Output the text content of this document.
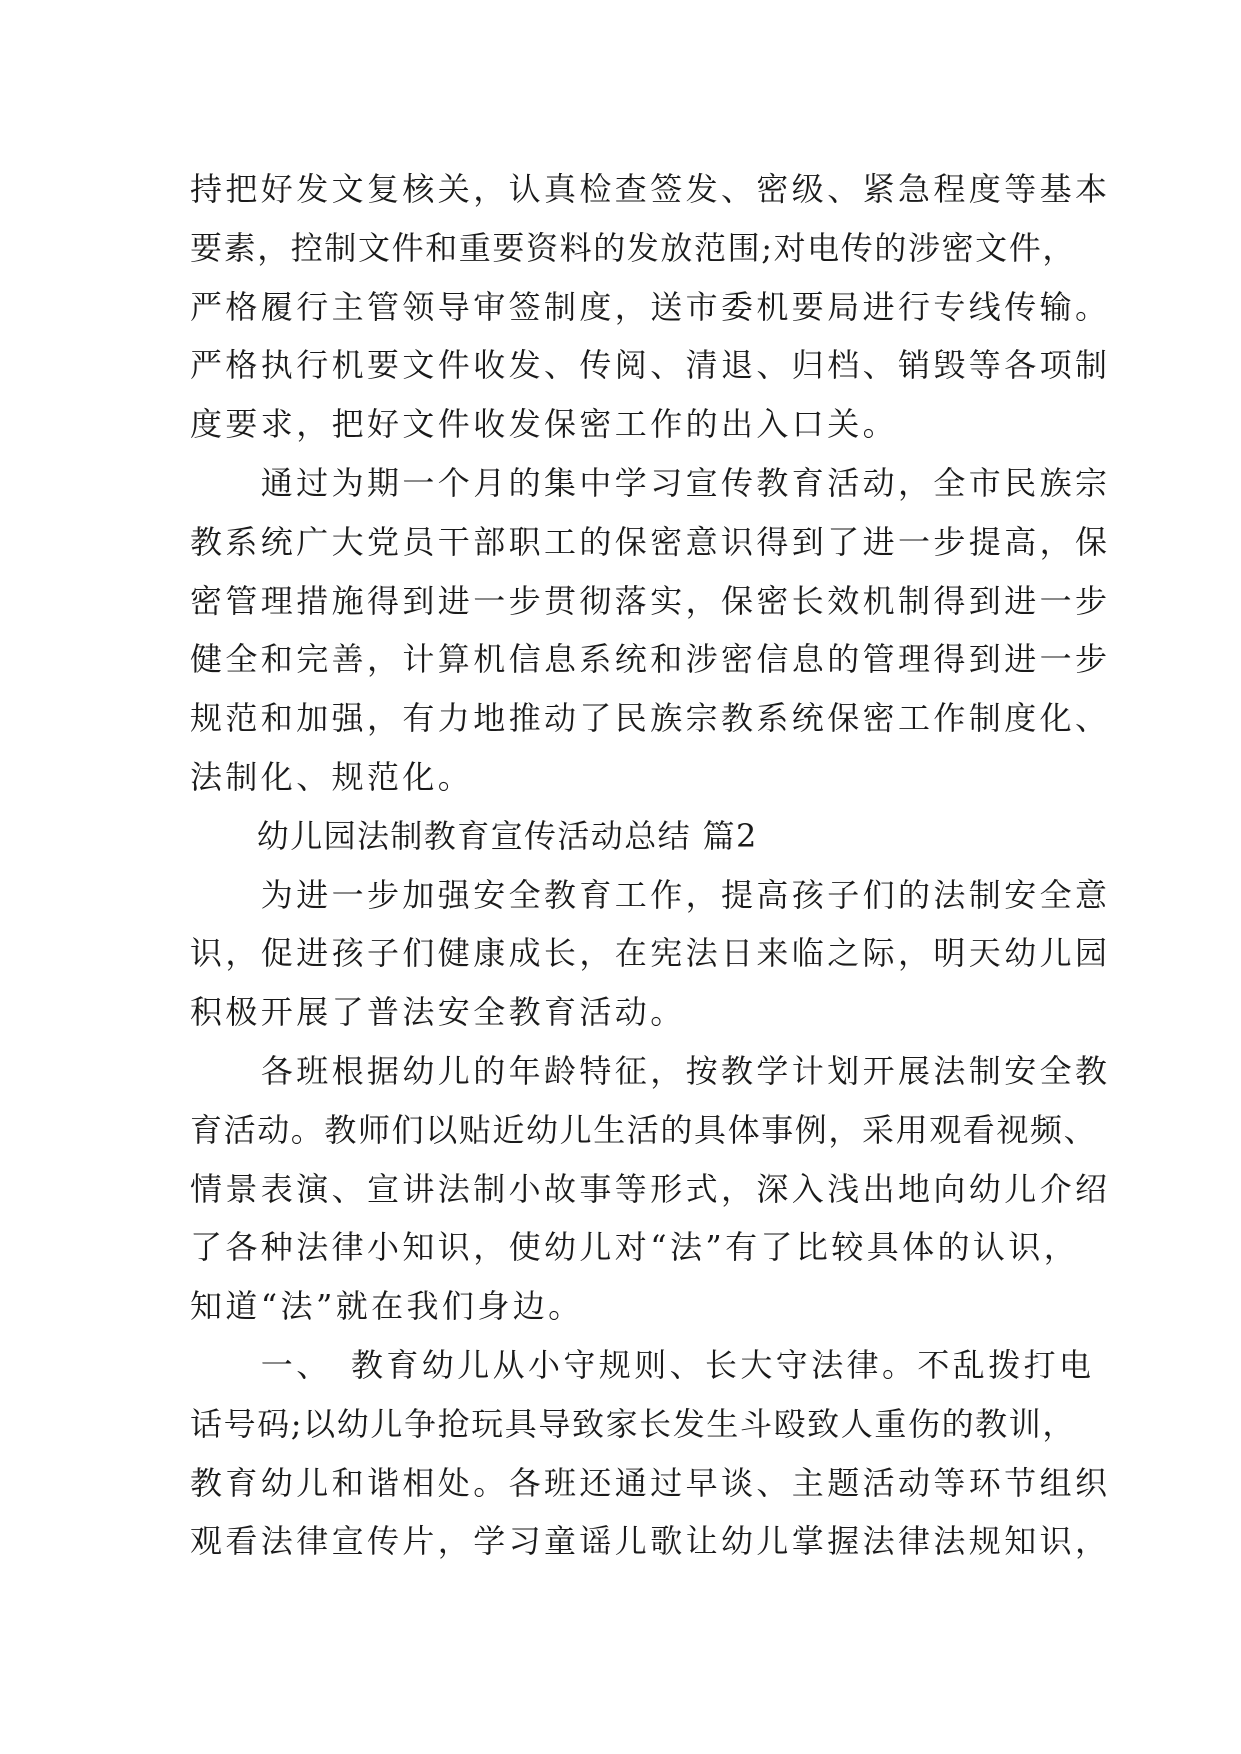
持把好发文复核关，认真检查签发、密级、紧急程度等基本
要素，控制文件和重要资料的发放范围;对电传的涉密文件，
严格履行主管领导审签制度，送市委机要局进行专线传输。
严格执行机要文件收发、传阅、清退、归档、销毁等各项制
度要求，把好文件收发保密工作的出入口关。
　　通过为期一个月的集中学习宣传教育活动，全市民族宗
教系统广大党员干部职工的保密意识得到了进一步提高，保
密管理措施得到进一步贯彻落实，保密长效机制得到进一步
健全和完善，计算机信息系统和涉密信息的管理得到进一步
规范和加强，有力地推动了民族宗教系统保密工作制度化、
法制化、规范化。
　　幼儿园法制教育宣传活动总结 篇2
　　为进一步加强安全教育工作，提高孩子们的法制安全意
识，促进孩子们健康成长，在宪法日来临之际，明天幼儿园
积极开展了普法安全教育活动。
　　各班根据幼儿的年龄特征，按教学计划开展法制安全教
育活动。教师们以贴近幼儿生活的具体事例，采用观看视频、
情景表演、宣讲法制小故事等形式，深入浅出地向幼儿介绍
了各种法律小知识，使幼儿对“法”有了比较具体的认识，
知道“法”就在我们身边。
　　一、　教育幼儿从小守规则、长大守法律。不乱拨打电
话号码;以幼儿争抢玩具导致家长发生斗殴致人重伤的教训，
教育幼儿和谐相处。各班还通过早谈、主题活动等环节组织
观看法律宣传片，学习童谣儿歌让幼儿掌握法律法规知识，
